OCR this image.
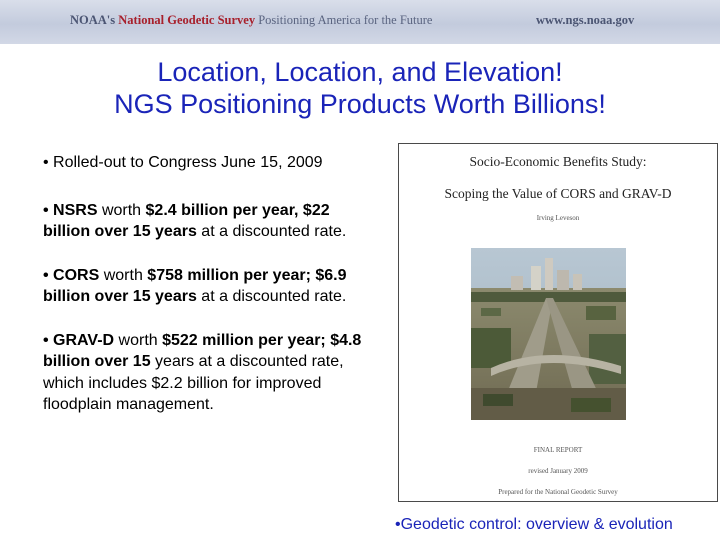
NOAA's National Geodetic Survey Positioning America for the Future	www.ngs.noaa.gov
Location, Location, and Elevation!
NGS Positioning Products Worth Billions!
• Rolled-out to Congress June 15, 2009
• NSRS worth $2.4 billion per year, $22 billion over 15 years at a discounted rate.
• CORS worth $758 million per year; $6.9 billion over 15 years at a discounted rate.
• GRAV-D worth $522 million per year; $4.8 billion over 15 years at a discounted rate, which includes $2.2 billion for improved floodplain management.
Socio-Economic Benefits Study:
Scoping the Value of CORS and GRAV-D
Irving Leveson
FINAL REPORT
revised January 2009
Prepared for the National Geodetic Survey
•Geodetic control: overview & evolution
